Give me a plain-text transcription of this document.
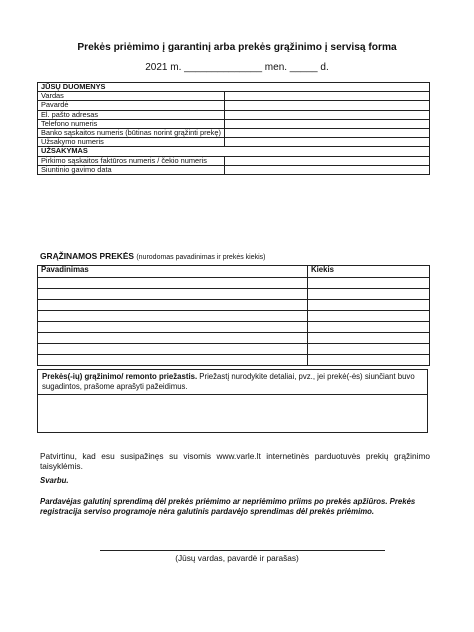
Prekės priėmimo į garantinį arba prekės grąžinimo į servisą forma
2021 m. ______________ men. _____ d.
JŪSŲ DUOMENYS	
Vardas	
Pavardė	
El. pašto adresas	
Telefono numeris	
Banko sąskaitos numeris (būtinas norint grąžinti prekę)	
Užsakymo numeris	
UŽSAKYMAS	
Pirkimo sąskaitos faktūros numeris / čekio numeris	
Siuntinio gavimo data	
GRĄŽINAMOS PREKĖS (nurodomas pavadinimas ir prekės kiekis)
Pavadinimas	Kiekis

Prekės(-ių) grąžinimo/ remonto priežastis. Priežastį nurodykite detaliai, pvz., jei prekė(-ės) siunčiant buvo sugadintos, prašome aprašyti pažeidimus.
Patvirtinu, kad esu susipažinęs su visomis www.varle.lt internetinės parduotuvės prekių grąžinimo taisyklėmis.
Svarbu.
Pardavėjas galutinį sprendimą dėl prekės priėmimo ar nepriėmimo priims po prekės apžiūros. Prekės registracija serviso programoje nėra galutinis pardavėjo sprendimas dėl prekės priėmimo.
(Jūsų vardas, pavardė ir parašas)
